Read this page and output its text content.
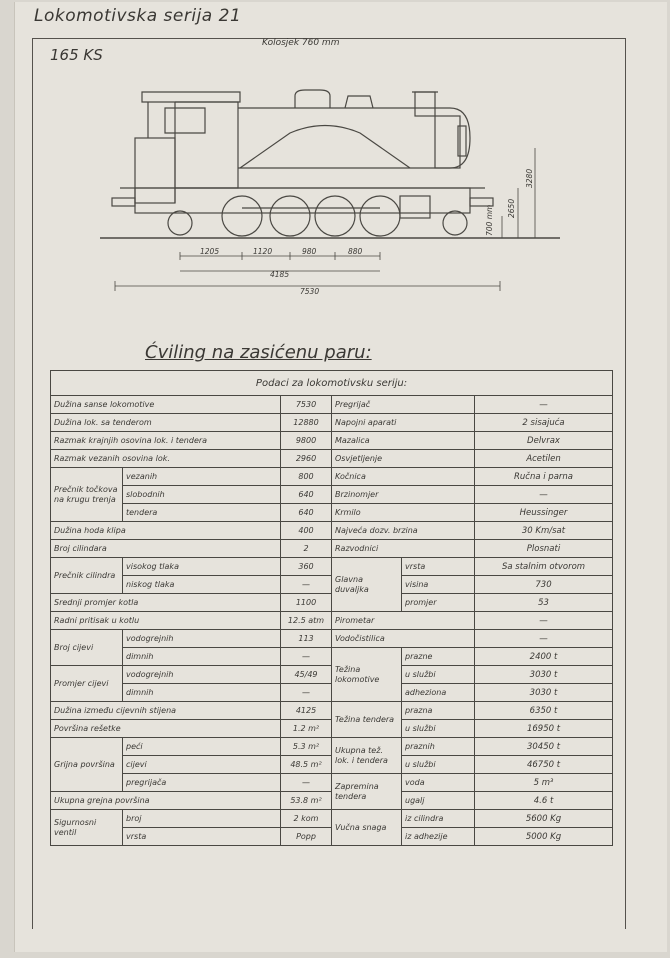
Lokomotivska serija 21
165 KS
Kolosjek 760 mm
1205	1120	980	880
4185
7530
700 mm 2650
3280
Ćviling na zasićenu paru:
Podaci za lokomotivsku seriju:					
Dužina sanse lokomotive		7530	Pregrijač		—
Dužina lok. sa tenderom		12880	Napojni aparati		2 sisajuća
Razmak krajnjih osovina lok. i tendera		9800	Mazalica		Delvrax
Razmak vezanih osovina lok.		2960	Osvjetljenje		Acetilen
Prečnik točkova na krugu trenja	vezanih	800	Kočnica		Ručna i parna
	slobodnih	640	Brzinomjer		—
	tendera	640	Krmilo		Heussinger
Dužina hoda klipa		400	Najveća dozv. brzina		30 Km/sat
Broj cilindara		2	Razvodnici		Plosnati
Prečnik cilindra	visokog tlaka	360	Glavna duvaljka	vrsta	Sa stalnim otvorom
	niskog tlaka	—		visina	730
Srednji promjer kotla		1100		promjer	53
Radni pritisak u kotlu		12.5 atm	Pirometar		—
Broj cijevi	vodogrejnih	113	Vodočistilica		—
	dimnih	—	Težina lokomotive	prazne	2400 t
Promjer cijevi	vodogrejnih	45/49		u službi	3030 t
	dimnih	—		adheziona	3030 t
Dužina između cijevnih stijena		4125	Težina tendera	prazna	6350 t
Površina rešetke		1.2 m²		u službi	16950 t
Grijna površina	peći	5.3 m²	Ukupna tež. lok. i tendera	praznih	30450 t
	cijevi	48.5 m²		u službi	46750 t
	pregrijača	—	Zapremina tendera	voda	5 m³
Ukupna grejna površina		53.8 m²		ugalj	4.6 t
Sigurnosni ventil	broj	2 kom	Vučna snaga	iz cilindra	5600 Kg
	vrsta	Popp		iz adhezije	5000 Kg
